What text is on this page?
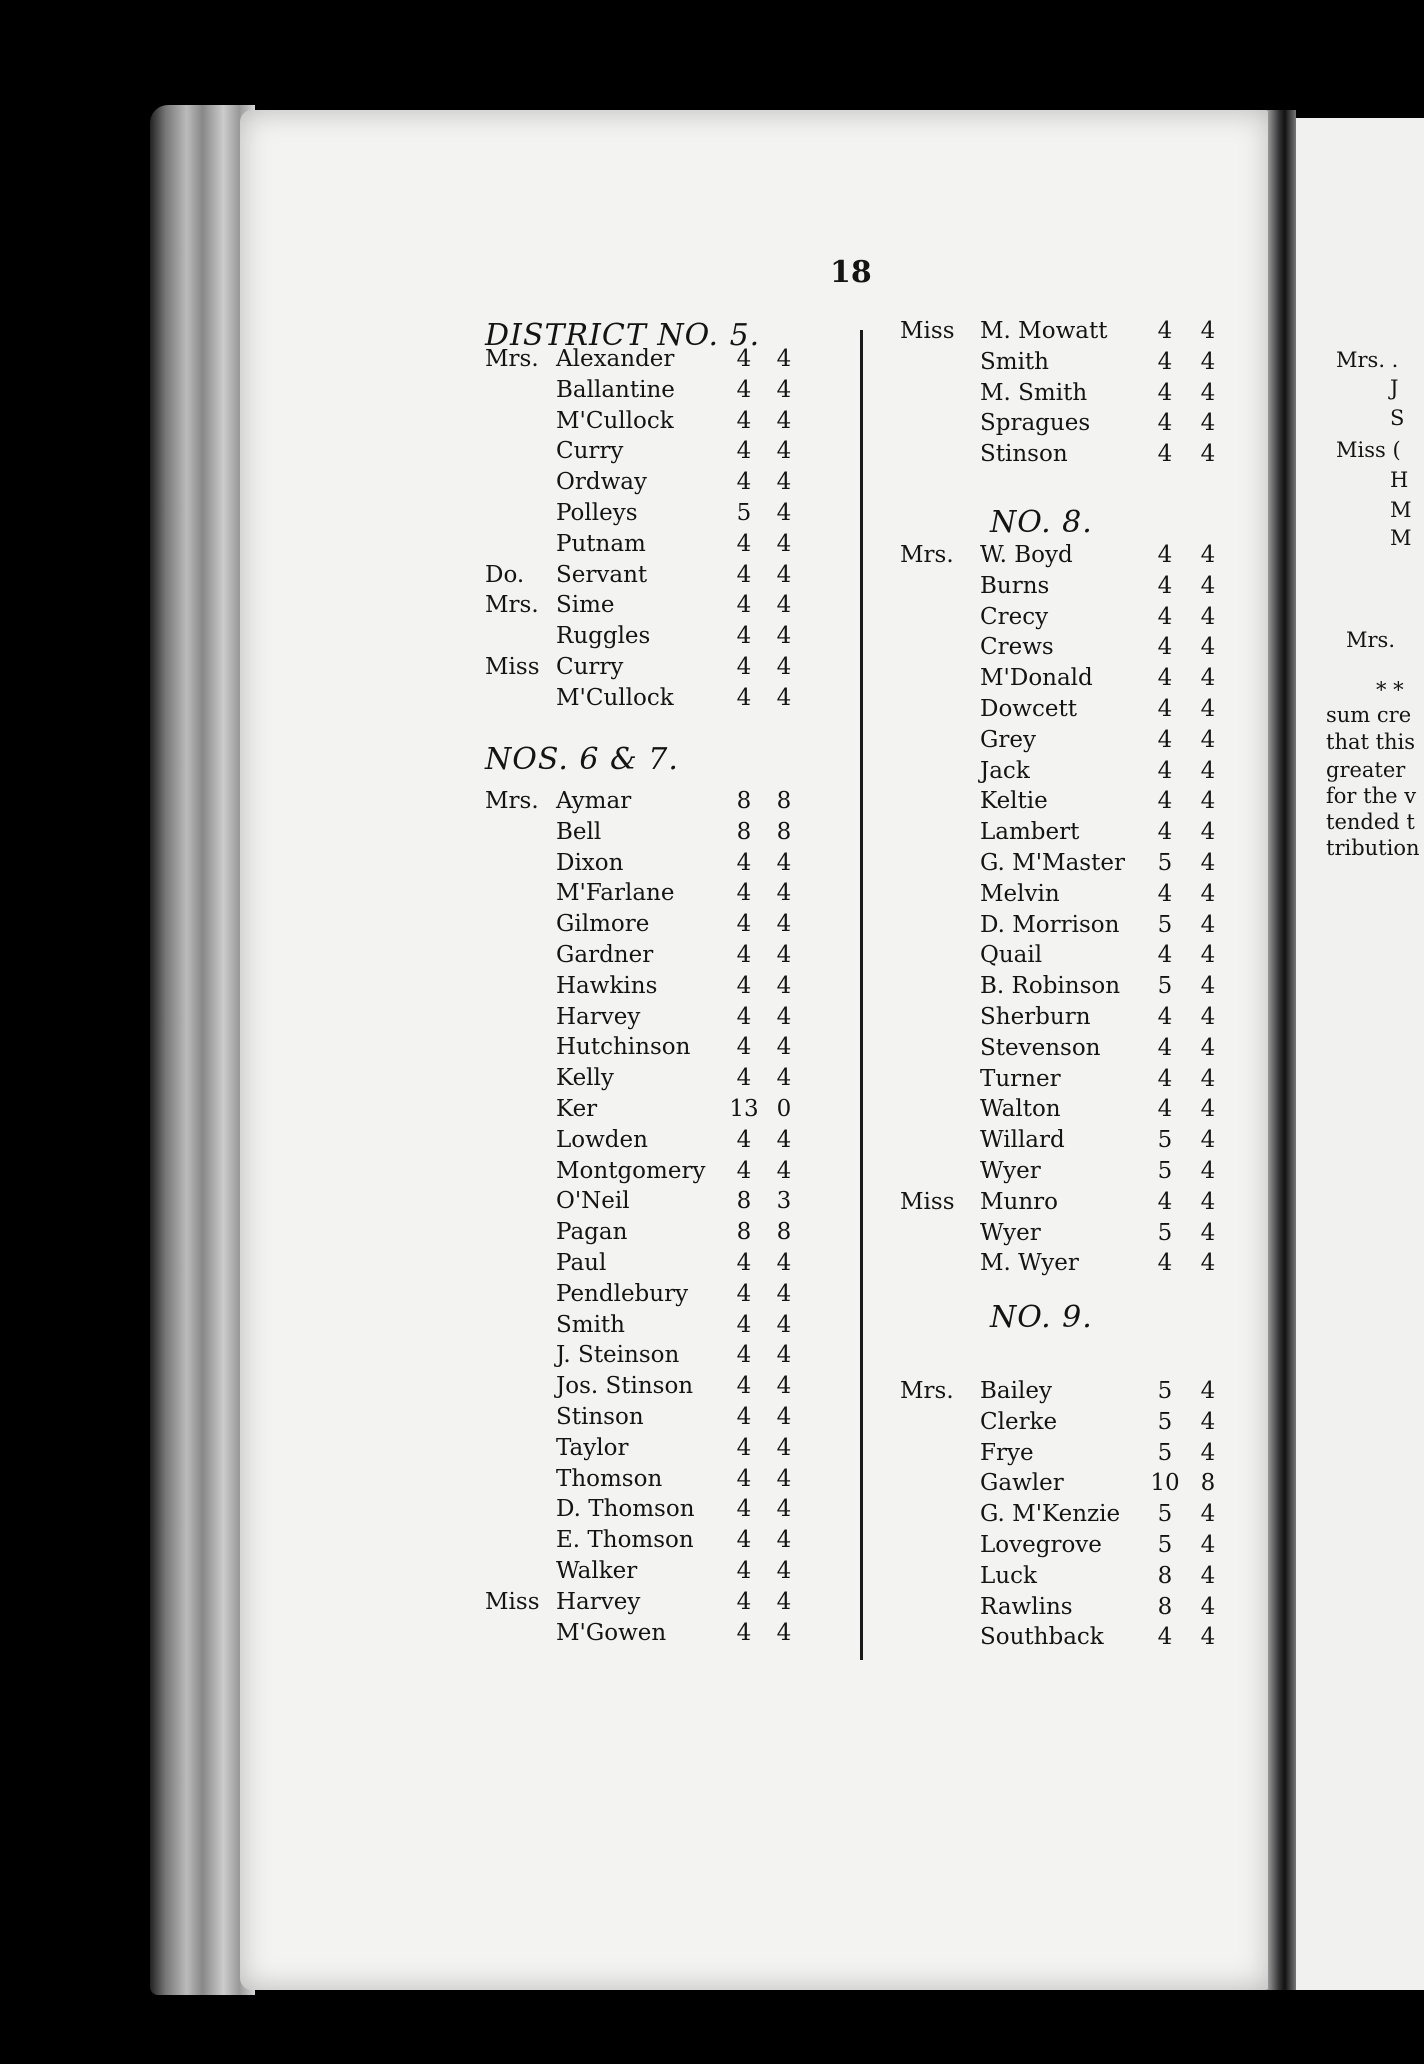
Mrs. .
J
S
Miss (
H
M
M
Mrs.
* *
sum cre
that this
greater
for the v
tended t
tribution
18
DISTRICT NO. 5.
Mrs. Alexander	4	4
Ballantine	4	4
M'Cullock	4	4
Curry	4	4
Ordway	4	4
Polleys	5	4
Putnam	4	4
Do. Servant	4	4
Mrs. Sime	4	4
Ruggles	4	4
Miss Curry	4	4
M'Cullock	4	4
NOS. 6 & 7.
Mrs. Aymar	8	8
Bell	8	8
Dixon	4	4
M'Farlane	4	4
Gilmore	4	4
Gardner	4	4
Hawkins	4	4
Harvey	4	4
Hutchinson	4	4
Kelly	4	4
Ker	13 0
Lowden	4	4
Montgomery	4	4
O'Neil	8	3
Pagan	8	8
Paul	4	4
Pendlebury	4	4
Smith	4	4
J. Steinson	4	4
Jos. Stinson	4	4
Stinson	4	4
Taylor	4	4
Thomson	4	4
D. Thomson	4	4
E. Thomson	4	4
Walker	4	4
Miss Harvey	4	4
M'Gowen	4	4
Miss M. Mowatt	4	4
Smith	4	4
M. Smith	4	4
Spragues	4	4
Stinson	4	4
NO. 8.
Mrs. W. Boyd	4	4
Burns	4	4
Crecy	4	4
Crews	4	4
M'Donald	4	4
Dowcett	4	4
Grey	4	4
Jack	4	4
Keltie	4	4
Lambert	4	4
G. M'Master	5	4
Melvin	4	4
D. Morrison	5	4
Quail	4	4
B. Robinson	5	4
Sherburn	4	4
Stevenson	4	4
Turner	4	4
Walton	4	4
Willard	5	4
Wyer	5	4
Miss Munro	4	4
Wyer	5	4
M. Wyer	4	4
NO. 9.
Mrs. Bailey	5	4
Clerke	5	4
Frye	5	4
Gawler	10 8
G. M'Kenzie	5	4
Lovegrove	5	4
Luck	8	4
Rawlins	8	4
Southback	4	4
